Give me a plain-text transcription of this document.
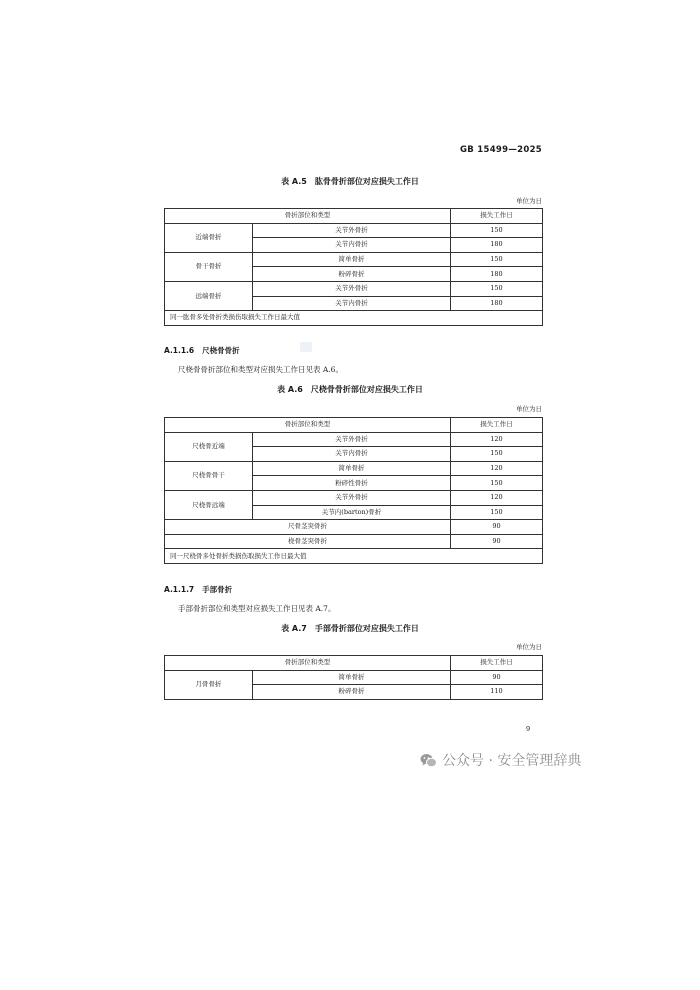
GB 15499—2025
表 A.5　肱骨骨折部位对应损失工作日
单位为日
骨折部位和类型		损失工作日
近端骨折	关节外骨折	150
	关节内骨折	180
骨干骨折	简单骨折	150
	粉碎骨折	180
远端骨折	关节外骨折	150
	关节内骨折	180
同一肱骨多处骨折类损伤取损失工作日最大值		
A.1.1.6 尺桡骨骨折
尺桡骨骨折部位和类型对应损失工作日见表 A.6。
表 A.6　尺桡骨骨折部位对应损失工作日
单位为日
骨折部位和类型		损失工作日
尺桡骨近端	关节外骨折	120
	关节内骨折	150
尺桡骨骨干	简单骨折	120
	粉碎性骨折	150
尺桡骨远端	关节外骨折	120
	关节内(barton)骨折	150
尺骨茎突骨折		90
桡骨茎突骨折		90
同一尺桡骨多处骨折类损伤取损失工作日最大值		
A.1.1.7 手部骨折
手部骨折部位和类型对应损失工作日见表 A.7。
表 A.7　手部骨折部位对应损失工作日
单位为日
骨折部位和类型		损失工作日
月骨骨折	简单骨折	90
	粉碎骨折	110
9
公众号 · 安全管理辞典
